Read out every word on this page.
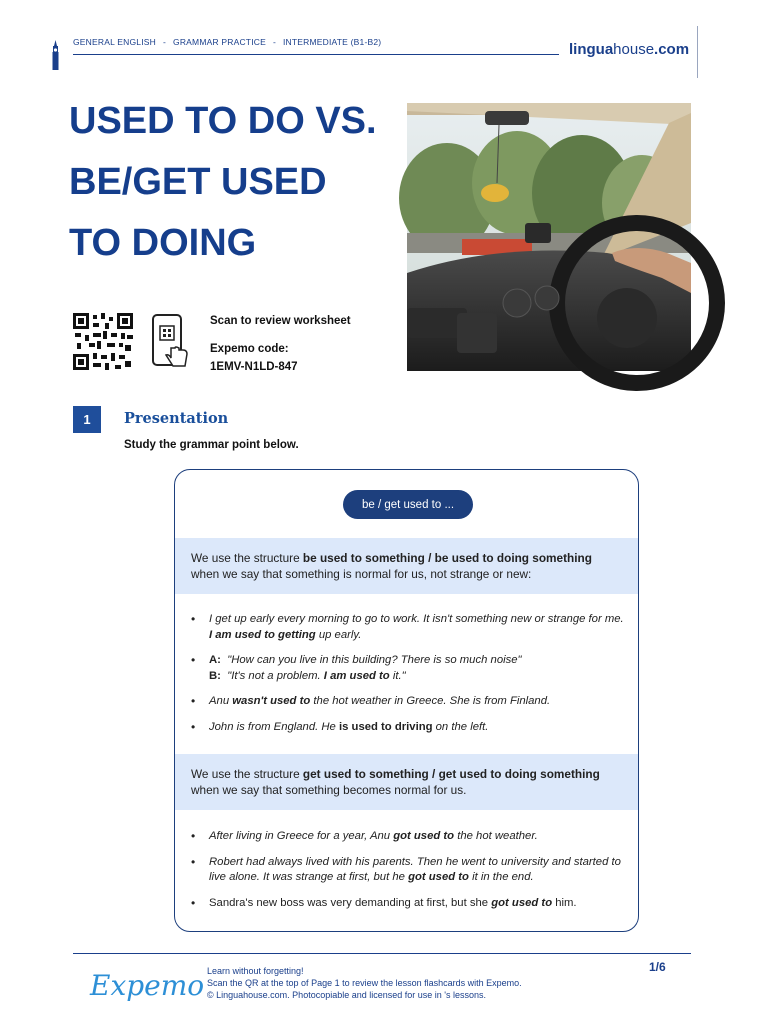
GENERAL ENGLISH - GRAMMAR PRACTICE - INTERMEDIATE (B1-B2)	linguahouse.com
USED TO DO VS.
BE/GET USED
TO DOING
Scan to review worksheet
Expemo code:
1EMV-N1LD-847
1	Presentation
Study the grammar point below.
be / get used to ...
We use the structure be used to something / be used to doing something
when we say that something is normal for us, not strange or new:
• I get up early every morning to go to work. It isn't something new or strange for me. I am used to getting up early.
• A: "How can you live in this building? There is so much noise"
B: "It's not a problem. I am used to it."
• Anu wasn't used to the hot weather in Greece. She is from Finland.
• John is from England. He is used to driving on the left.
We use the structure get used to something / get used to doing something
when we say that something becomes normal for us.
• After living in Greece for a year, Anu got used to the hot weather.
• Robert had always lived with his parents. Then he went to university and started to live alone. It was strange at first, but he got used to it in the end.
• Sandra's new boss was very demanding at first, but she got used to him.
Expemo Learn without forgetting!
Scan the QR at the top of Page 1 to review the lesson flashcards with Expemo.
© Linguahouse.com. Photocopiable and licensed for use in 's lessons.
1/6
